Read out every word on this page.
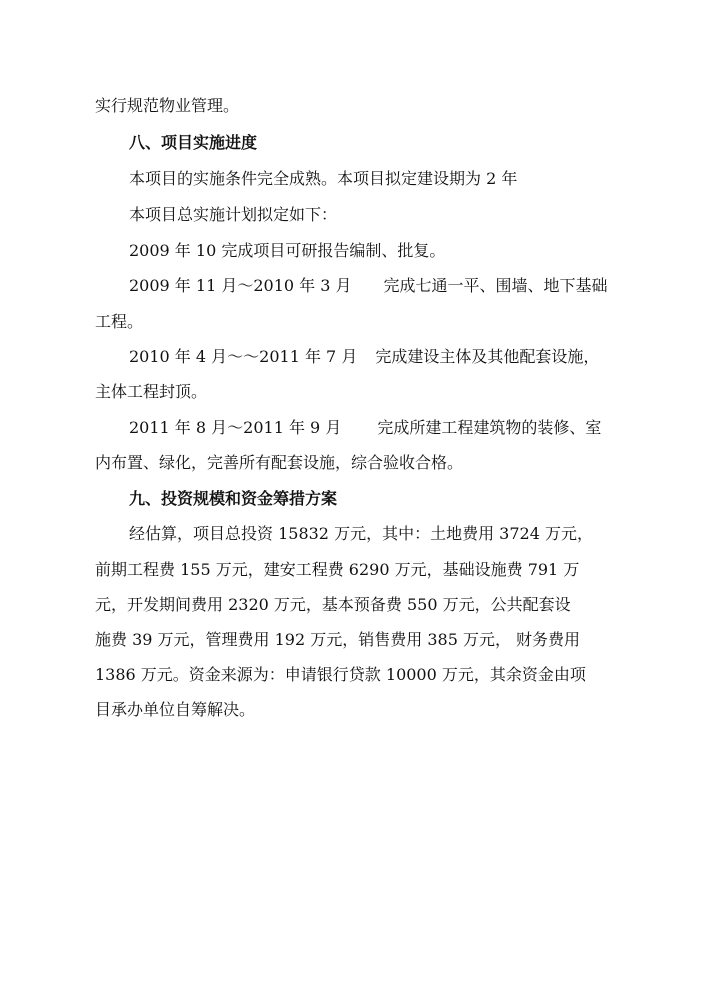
实行规范物业管理。
八、项目实施进度
本项目的实施条件完全成熟。本项目拟定建设期为 2 年
本项目总实施计划拟定如下：
2009 年 10 完成项目可研报告编制、批复。
2009 年 11 月～2010 年 3 月 完成七通一平、围墙、地下基础
工程。
2010 年 4 月～～2011 年 7 月 完成建设主体及其他配套设施，
主体工程封顶。
2011 年 8 月～2011 年 9 月 完成所建工程建筑物的装修、室
内布置、绿化，完善所有配套设施，综合验收合格。
九、投资规模和资金筹措方案
经估算，项目总投资 15832 万元，其中：土地费用 3724 万元，
前期工程费 155 万元，建安工程费 6290 万元，基础设施费 791 万
元，开发期间费用 2320 万元，基本预备费 550 万元，公共配套设
施费 39 万元，管理费用 192 万元，销售费用 385 万元， 财务费用
1386 万元。资金来源为：申请银行贷款 10000 万元，其余资金由项
目承办单位自筹解决。
